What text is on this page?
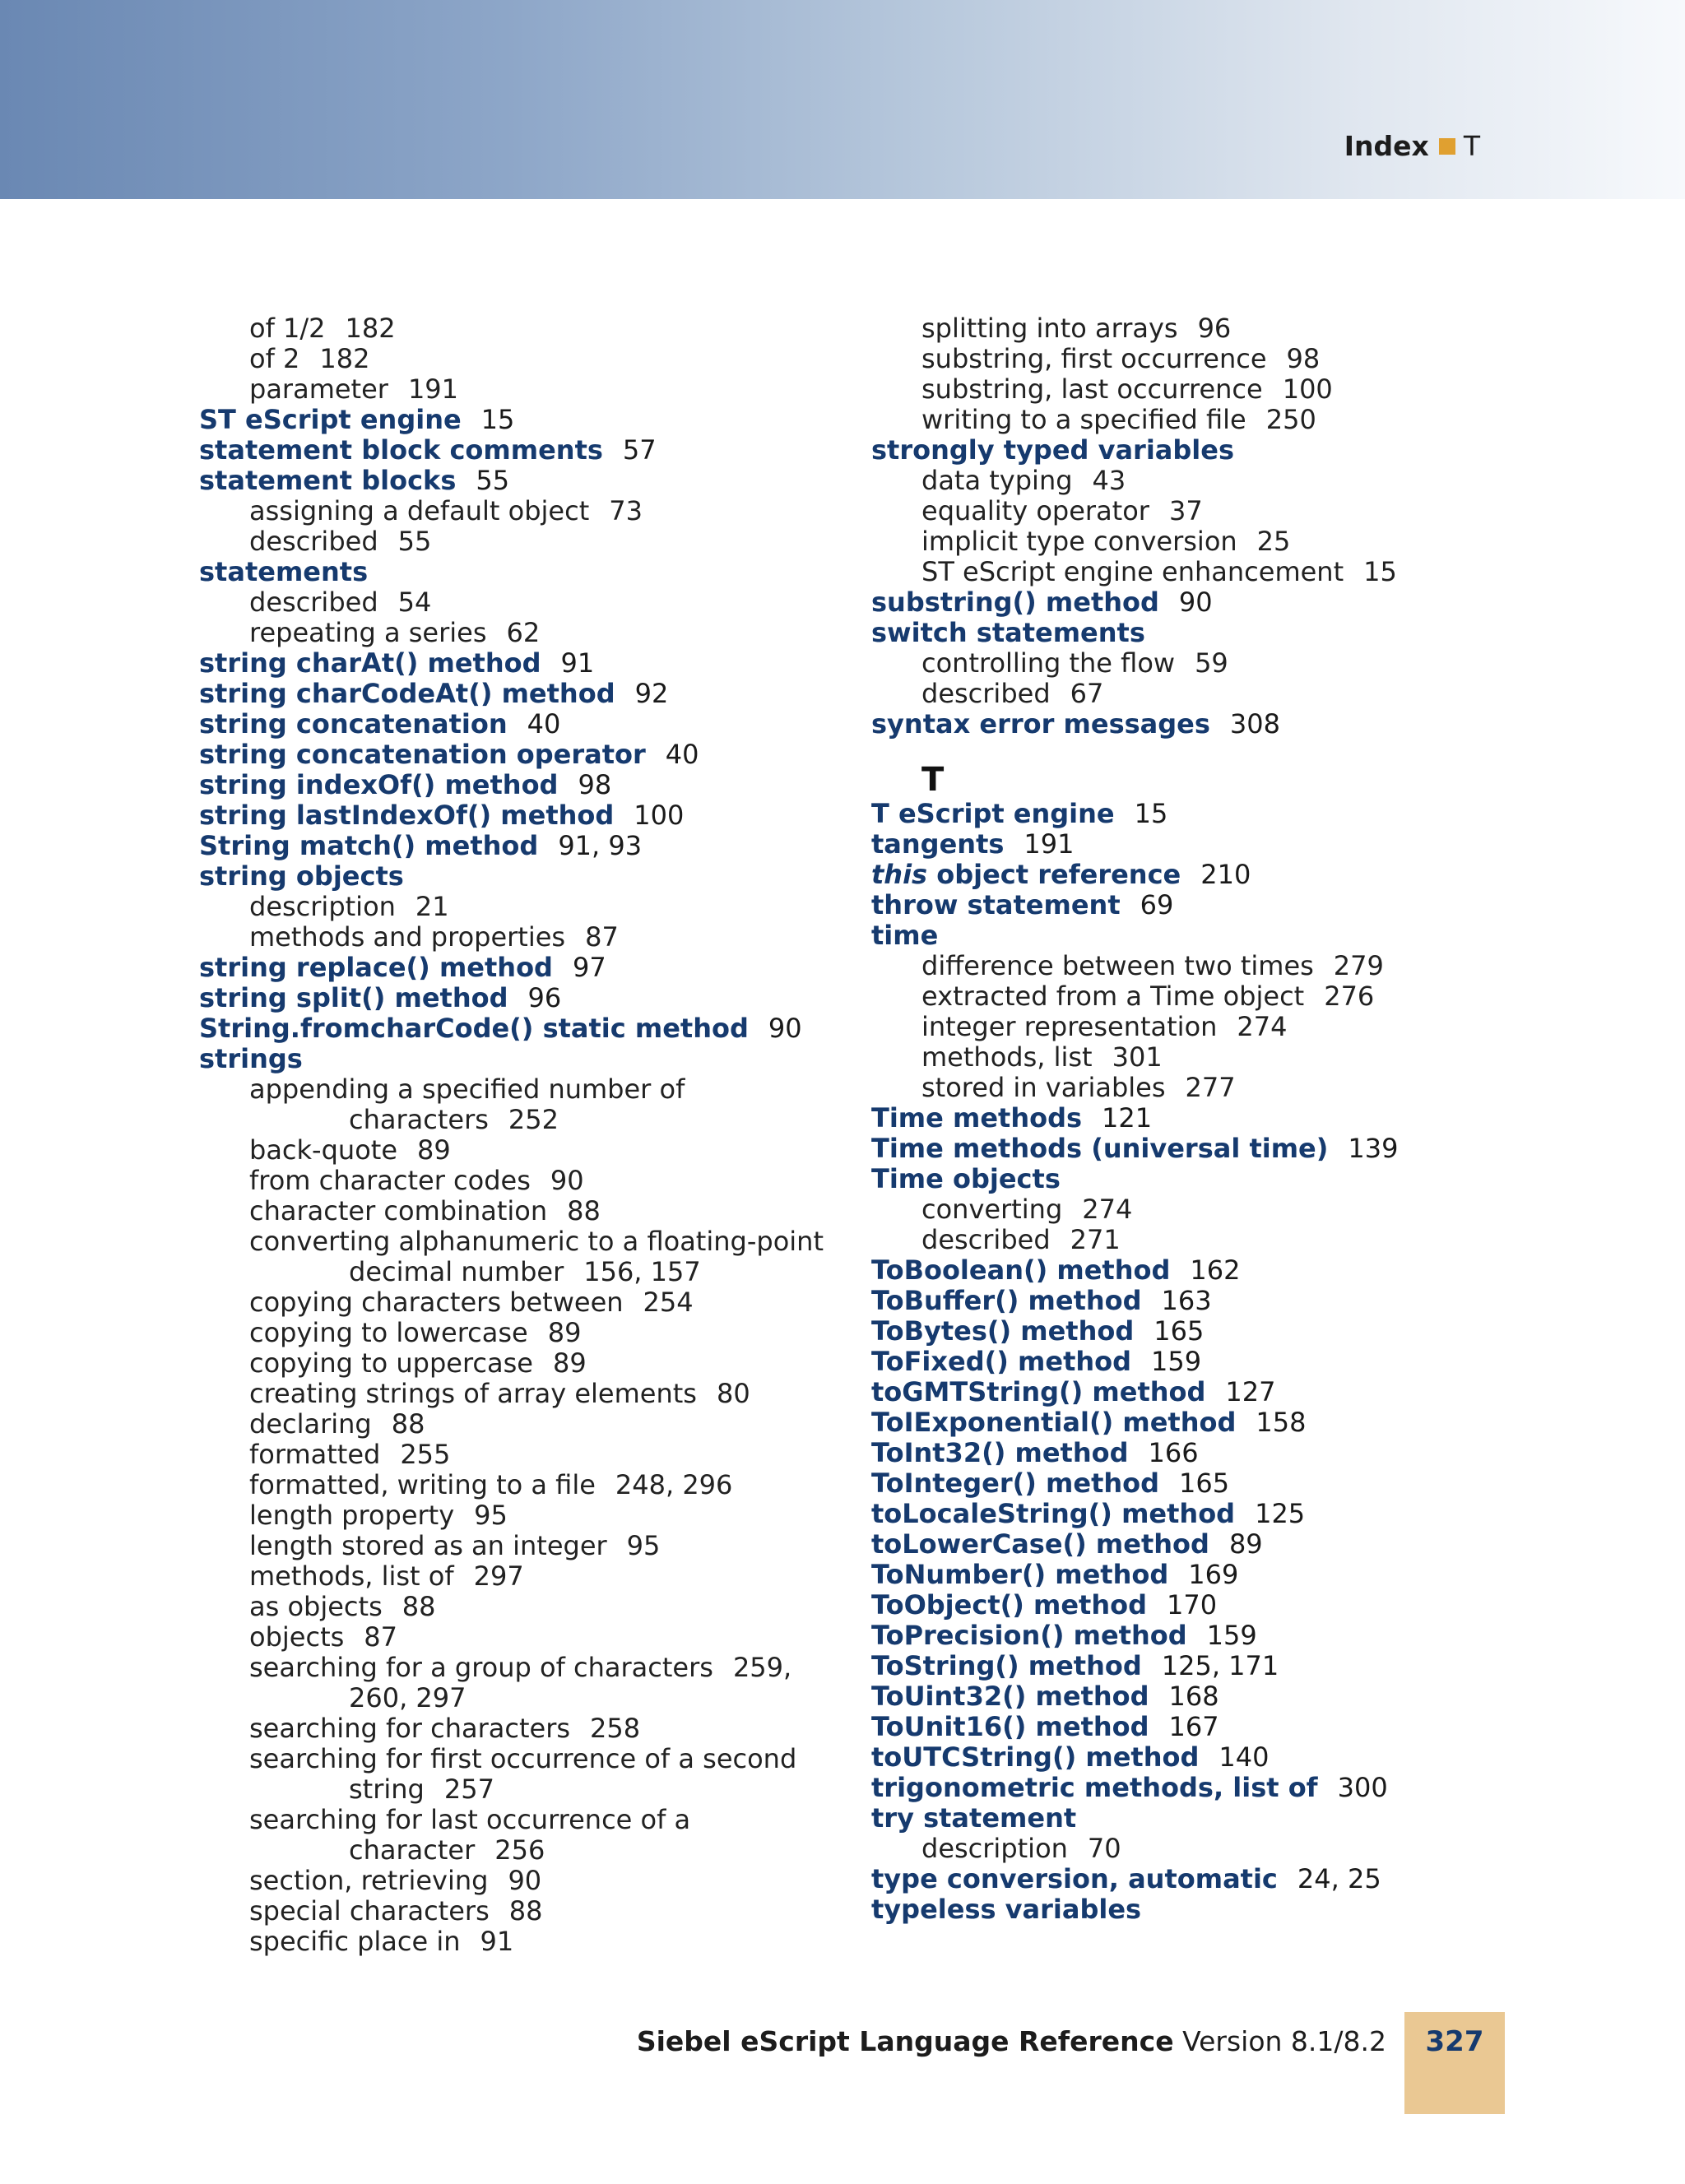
Index T
of 1/2 182
of 2 182
parameter 191
ST eScript engine 15
statement block comments 57
statement blocks 55
assigning a default object 73
described 55
statements
described 54
repeating a series 62
string charAt() method 91
string charCodeAt() method 92
string concatenation 40
string concatenation operator 40
string indexOf() method 98
string lastIndexOf() method 100
String match() method 91, 93
string objects
description 21
methods and properties 87
string replace() method 97
string split() method 96
String.fromcharCode() static method 90
strings
appending a specified number of
characters 252
back-quote 89
from character codes 90
character combination 88
converting alphanumeric to a floating-point
decimal number 156, 157
copying characters between 254
copying to lowercase 89
copying to uppercase 89
creating strings of array elements 80
declaring 88
formatted 255
formatted, writing to a file 248, 296
length property 95
length stored as an integer 95
methods, list of 297
as objects 88
objects 87
searching for a group of characters 259,
260, 297
searching for characters 258
searching for first occurrence of a second
string 257
searching for last occurrence of a
character 256
section, retrieving 90
special characters 88
specific place in 91
splitting into arrays 96
substring, first occurrence 98
substring, last occurrence 100
writing to a specified file 250
strongly typed variables
data typing 43
equality operator 37
implicit type conversion 25
ST eScript engine enhancement 15
substring() method 90
switch statements
controlling the flow 59
described 67
syntax error messages 308
T
T eScript engine 15
tangents 191
this object reference 210
throw statement 69
time
difference between two times 279
extracted from a Time object 276
integer representation 274
methods, list 301
stored in variables 277
Time methods 121
Time methods (universal time) 139
Time objects
converting 274
described 271
ToBoolean() method 162
ToBuffer() method 163
ToBytes() method 165
ToFixed() method 159
toGMTString() method 127
ToIExponential() method 158
ToInt32() method 166
ToInteger() method 165
toLocaleString() method 125
toLowerCase() method 89
ToNumber() method 169
ToObject() method 170
ToPrecision() method 159
ToString() method 125, 171
ToUint32() method 168
ToUnit16() method 167
toUTCString() method 140
trigonometric methods, list of 300
try statement
description 70
type conversion, automatic 24, 25
typeless variables
Siebel eScript Language Reference Version 8.1/8.2	327
